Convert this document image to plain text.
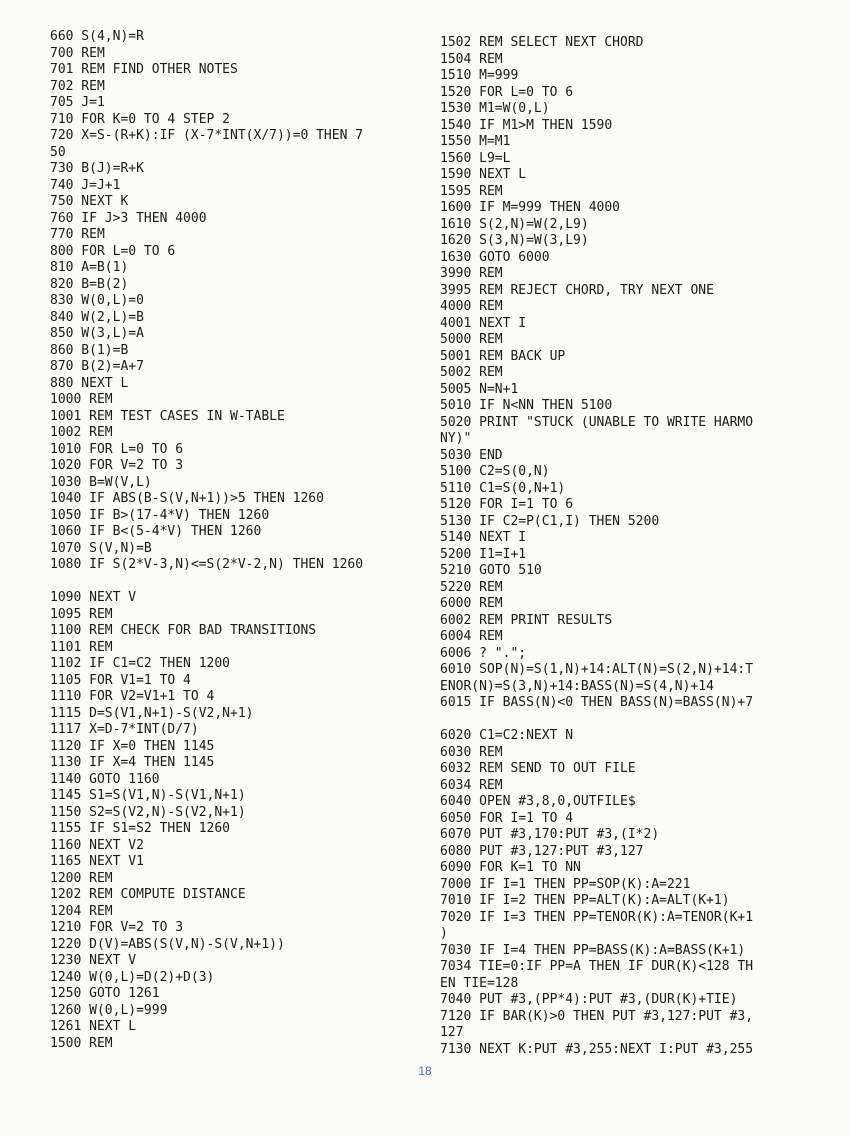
660 S(4,N)=R
700 REM
701 REM FIND OTHER NOTES
702 REM
705 J=1
710 FOR K=0 TO 4 STEP 2
720 X=S-(R+K):IF (X-7*INT(X/7))=0 THEN 7
50
730 B(J)=R+K
740 J=J+1
750 NEXT K
760 IF J>3 THEN 4000
770 REM
800 FOR L=0 TO 6
810 A=B(1)
820 B=B(2)
830 W(0,L)=0
840 W(2,L)=B
850 W(3,L)=A
860 B(1)=B
870 B(2)=A+7
880 NEXT L
1000 REM
1001 REM TEST CASES IN W-TABLE
1002 REM
1010 FOR L=0 TO 6
1020 FOR V=2 TO 3
1030 B=W(V,L)
1040 IF ABS(B-S(V,N+1))>5 THEN 1260
1050 IF B>(17-4*V) THEN 1260
1060 IF B<(5-4*V) THEN 1260
1070 S(V,N)=B
1080 IF S(2*V-3,N)<=S(2*V-2,N) THEN 1260
1090 NEXT V
1095 REM
1100 REM CHECK FOR BAD TRANSITIONS
1101 REM
1102 IF C1=C2 THEN 1200
1105 FOR V1=1 TO 4
1110 FOR V2=V1+1 TO 4
1115 D=S(V1,N+1)-S(V2,N+1)
1117 X=D-7*INT(D/7)
1120 IF X=0 THEN 1145
1130 IF X=4 THEN 1145
1140 GOTO 1160
1145 S1=S(V1,N)-S(V1,N+1)
1150 S2=S(V2,N)-S(V2,N+1)
1155 IF S1=S2 THEN 1260
1160 NEXT V2
1165 NEXT V1
1200 REM
1202 REM COMPUTE DISTANCE
1204 REM
1210 FOR V=2 TO 3
1220 D(V)=ABS(S(V,N)-S(V,N+1))
1230 NEXT V
1240 W(0,L)=D(2)+D(3)
1250 GOTO 1261
1260 W(0,L)=999
1261 NEXT L
1500 REM
1502 REM SELECT NEXT CHORD
1504 REM
1510 M=999
1520 FOR L=0 TO 6
1530 M1=W(0,L)
1540 IF M1>M THEN 1590
1550 M=M1
1560 L9=L
1590 NEXT L
1595 REM
1600 IF M=999 THEN 4000
1610 S(2,N)=W(2,L9)
1620 S(3,N)=W(3,L9)
1630 GOTO 6000
3990 REM
3995 REM REJECT CHORD, TRY NEXT ONE
4000 REM
4001 NEXT I
5000 REM
5001 REM BACK UP
5002 REM
5005 N=N+1
5010 IF N<NN THEN 5100
5020 PRINT "STUCK (UNABLE TO WRITE HARMO
NY)"
5030 END
5100 C2=S(0,N)
5110 C1=S(0,N+1)
5120 FOR I=1 TO 6
5130 IF C2=P(C1,I) THEN 5200
5140 NEXT I
5200 I1=I+1
5210 GOTO 510
5220 REM
6000 REM
6002 REM PRINT RESULTS
6004 REM
6006 ? ".";
6010 SOP(N)=S(1,N)+14:ALT(N)=S(2,N)+14:T
ENOR(N)=S(3,N)+14:BASS(N)=S(4,N)+14
6015 IF BASS(N)<0 THEN BASS(N)=BASS(N)+7
6020 C1=C2:NEXT N
6030 REM
6032 REM SEND TO OUT FILE
6034 REM
6040 OPEN #3,8,0,OUTFILE$
6050 FOR I=1 TO 4
6070 PUT #3,170:PUT #3,(I*2)
6080 PUT #3,127:PUT #3,127
6090 FOR K=1 TO NN
7000 IF I=1 THEN PP=SOP(K):A=221
7010 IF I=2 THEN PP=ALT(K):A=ALT(K+1)
7020 IF I=3 THEN PP=TENOR(K):A=TENOR(K+1
)
7030 IF I=4 THEN PP=BASS(K):A=BASS(K+1)
7034 TIE=0:IF PP=A THEN IF DUR(K)<128 TH
EN TIE=128
7040 PUT #3,(PP*4):PUT #3,(DUR(K)+TIE)
7120 IF BAR(K)>0 THEN PUT #3,127:PUT #3,
127
7130 NEXT K:PUT #3,255:NEXT I:PUT #3,255
18
